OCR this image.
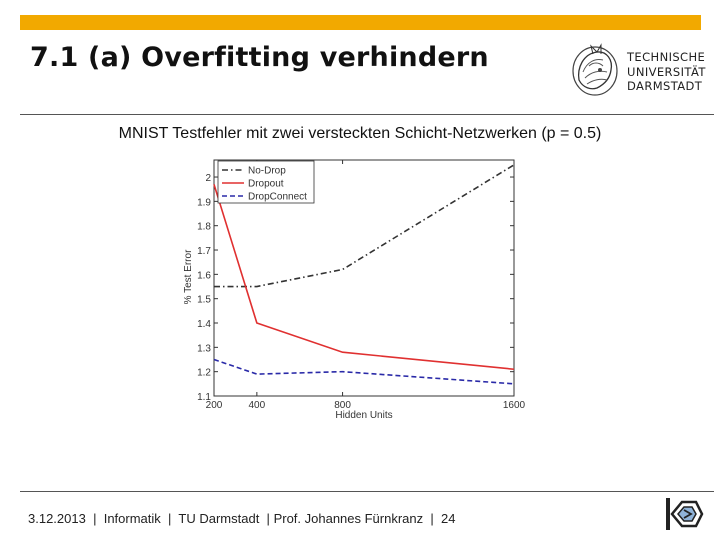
7.1 (a) Overfitting verhindern	TECHNISCHE
UNIVERSITÄT
DARMSTADT
MNIST Testfehler mit zwei versteckten Schicht-Netzwerken (p = 0.5)
1.1
1.2
1.3
1.4
1.5
1.6
1.7
1.8
1.9
2
200	400	800	1600
No-Drop
Dropout
DropConnect
Hidden Units
% Test Error
3.12.2013  |  Informatik  |  TU Darmstadt  | Prof. Johannes Fürnkranz  |  24
